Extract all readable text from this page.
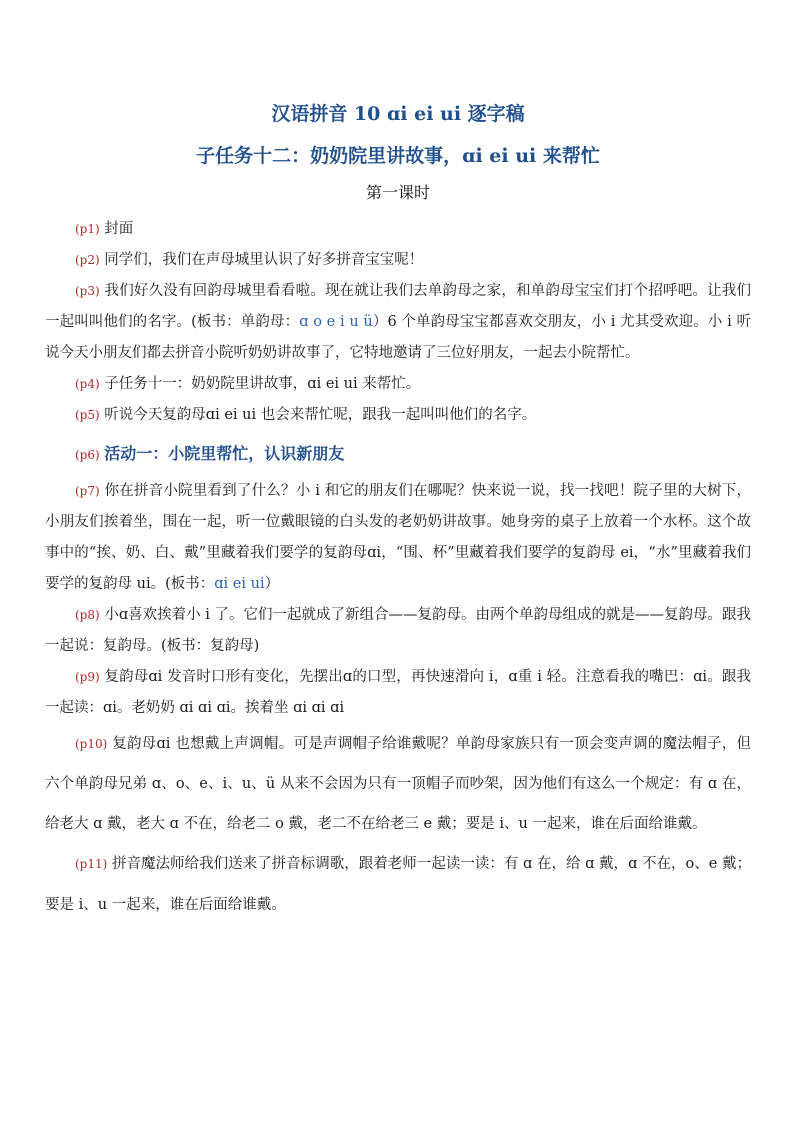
汉语拼音 10 ɑi ei ui 逐字稿
子任务十二：奶奶院里讲故事，ɑi ei ui 来帮忙
第一课时

(p1) 封面

(p2) 同学们，我们在声母城里认识了好多拼音宝宝呢！

(p3) 我们好久没有回韵母城里看看啦。现在就让我们去单韵母之家，和单韵母宝宝们打个招呼吧。让我们一起叫叫他们的名字。(板书：单韵母：ɑ o e i u ü）6 个单韵母宝宝都喜欢交朋友，小 i 尤其受欢迎。小 i 听说今天小朋友们都去拼音小院听奶奶讲故事了，它特地邀请了三位好朋友，一起去小院帮忙。

(p4) 子任务十一：奶奶院里讲故事，ɑi ei ui 来帮忙。

(p5) 听说今天复韵母ɑi ei ui 也会来帮忙呢，跟我一起叫叫他们的名字。

(p6) 活动一：小院里帮忙，认识新朋友

(p7) 你在拼音小院里看到了什么？小 i 和它的朋友们在哪呢？快来说一说，找一找吧！院子里的大树下，小朋友们挨着坐，围在一起，听一位戴眼镜的白头发的老奶奶讲故事。她身旁的桌子上放着一个水杯。这个故事中的“挨、奶、白、戴”里藏着我们要学的复韵母ɑi，“围、杯”里藏着我们要学的复韵母 ei，“水”里藏着我们要学的复韵母 ui。(板书：ɑi ei ui）

(p8) 小ɑ喜欢挨着小 i 了。它们一起就成了新组合——复韵母。由两个单韵母组成的就是——复韵母。跟我一起说：复韵母。(板书：复韵母)

(p9) 复韵母ɑi 发音时口形有变化，先摆出ɑ的口型，再快速滑向 i，ɑ重 i 轻。注意看我的嘴巴：ɑi。跟我一起读：ɑi。老奶奶 ɑi ɑi ɑi。挨着坐 ɑi ɑi ɑi

(p10) 复韵母ɑi 也想戴上声调帽。可是声调帽子给谁戴呢？单韵母家族只有一顶会变声调的魔法帽子，但六个单韵母兄弟 ɑ、o、e、i、u、ü 从来不会因为只有一顶帽子而吵架，因为他们有这么一个规定：有 ɑ 在，给老大 ɑ 戴，老大 ɑ 不在，给老二 o 戴，老二不在给老三 e 戴；要是 i、u 一起来，谁在后面给谁戴。

(p11) 拼音魔法师给我们送来了拼音标调歌，跟着老师一起读一读：有 ɑ 在，给 ɑ 戴，ɑ 不在，o、e 戴；要是 i、u 一起来，谁在后面给谁戴。
